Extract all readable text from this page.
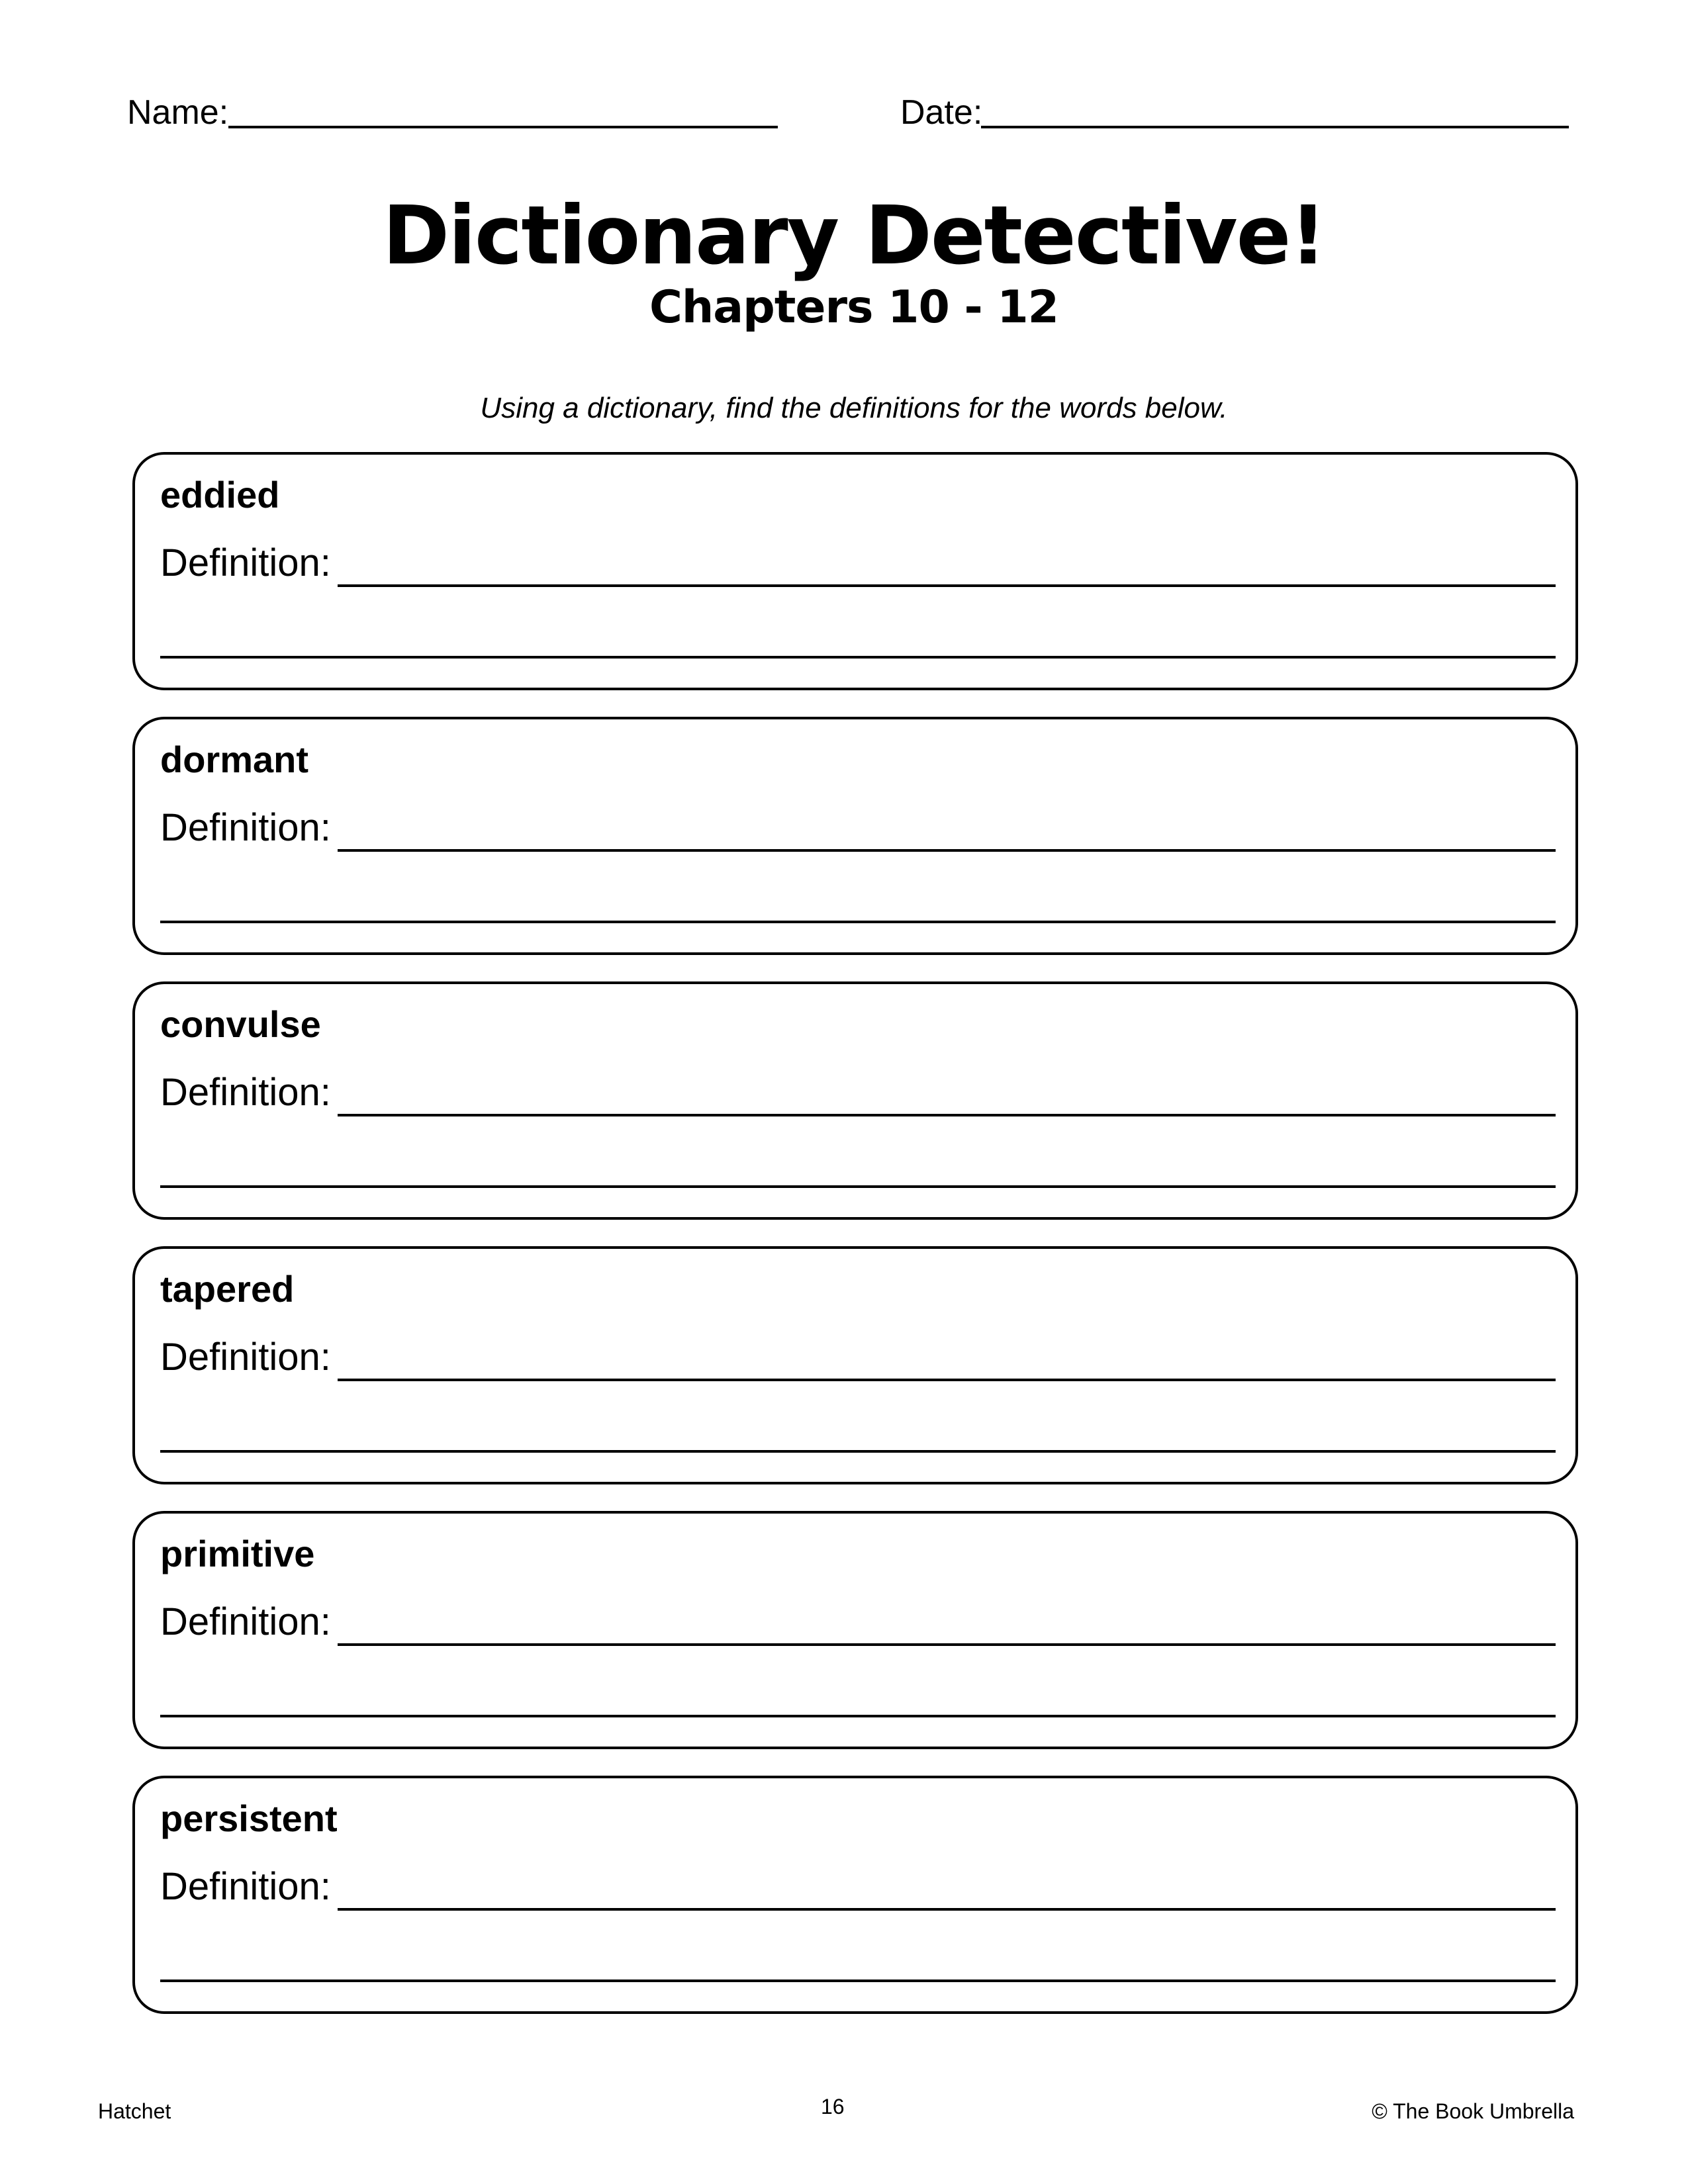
Name:	Date:
Dictionary Detective!
Chapters 10 - 12
Using a dictionary, find the definitions for the words below.
eddied
Definition:
dormant
Definition:
convulse
Definition:
tapered
Definition:
primitive
Definition:
persistent
Definition:
Hatchet	16	© The Book Umbrella
